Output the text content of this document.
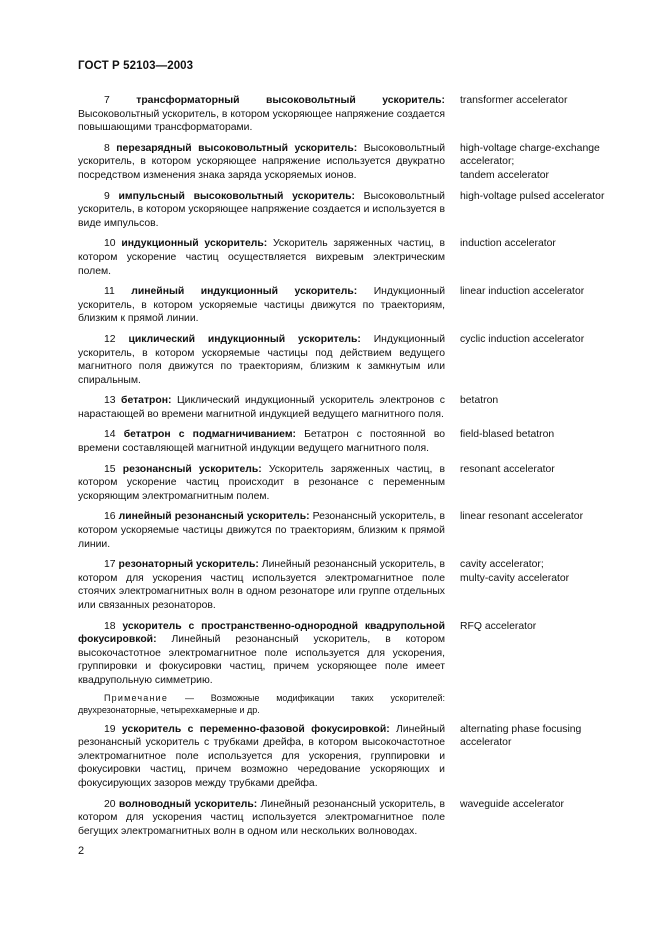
ГОСТ Р 52103—2003

7	трансформаторный высоковольтный ускоритель: Высоковольтный ускоритель, в котором ускоряющее напряжение создается повышающими трансформаторами.

transformer accelerator

8 перезарядный высоковольтный ускоритель: Высоковольтный ускоритель, в котором ускоряющее напряжение используется двукратно посредством изменения знака заряда ускоряемых ионов.

high-voltage charge-exchange
accelerator;
tandem accelerator

9 импульсный высоковольтный ускоритель: Высоковольтный ускоритель, в котором ускоряющее напряжение создается и используется в виде импульсов.

high-voltage pulsed accelerator

10 индукционный ускоритель: Ускоритель заряженных частиц, в котором ускорение частиц осуществляется вихревым электрическим полем.

induction accelerator

11 линейный индукционный ускоритель: Индукционный ускоритель, в котором ускоряемые частицы движутся по траекториям, близким к прямой линии.

linear induction accelerator

12 циклический индукционный ускоритель: Индукционный ускоритель, в котором ускоряемые частицы под действием ведущего магнитного поля движутся по траекториям, близким к замкнутым или спиральным.

cyclic induction accelerator

13 бетатрон: Циклический индукционный ускоритель электронов с нарастающей во времени магнитной индукцией ведущего магнитного поля.

betatron

14 бетатрон с подмагничиванием: Бетатрон с постоянной во времени составляющей магнитной индукции ведущего магнитного поля.

field-blased betatron

15 резонансный ускоритель: Ускоритель заряженных частиц, в котором ускорение частиц происходит в резонансе с переменным ускоряющим электромагнитным полем.

resonant accelerator

16 линейный резонансный ускоритель: Резонансный ускоритель, в котором ускоряемые частицы движутся по траекториям, близким к прямой линии.

linear resonant accelerator

17 резонаторный ускоритель: Линейный резонансный ускоритель, в котором для ускорения частиц используется электромагнитное поле стоячих электромагнитных волн в одном резонаторе или группе отдельных или связанных резонаторов.

cavity accelerator;
multy-cavity accelerator

18 ускоритель с пространственно-однородной квадрупольной фокусировкой: Линейный резонансный ускоритель, в котором высокочастотное электромагнитное поле используется для ускорения, группировки и фокусировки частиц, причем ускоряющее поле имеет квадрупольную симметрию.

RFQ accelerator

Примечание — Возможные модификации таких ускорителей: двухрезонаторные, четырехкамерные и др.

19 ускоритель с переменно-фазовой фокусировкой: Линейный резонансный ускоритель с трубками дрейфа, в котором высокочастотное электромагнитное поле используется для ускорения, группировки и фокусировки частиц, причем возможно чередование ускоряющих и фокусирующих зазоров между трубками дрейфа.

alternating phase focusing
accelerator

20 волноводный ускоритель: Линейный резонансный ускоритель, в котором для ускорения частиц используется электромагнитное поле бегущих электромагнитных волн в одном или нескольких волноводах.

waveguide accelerator
2
